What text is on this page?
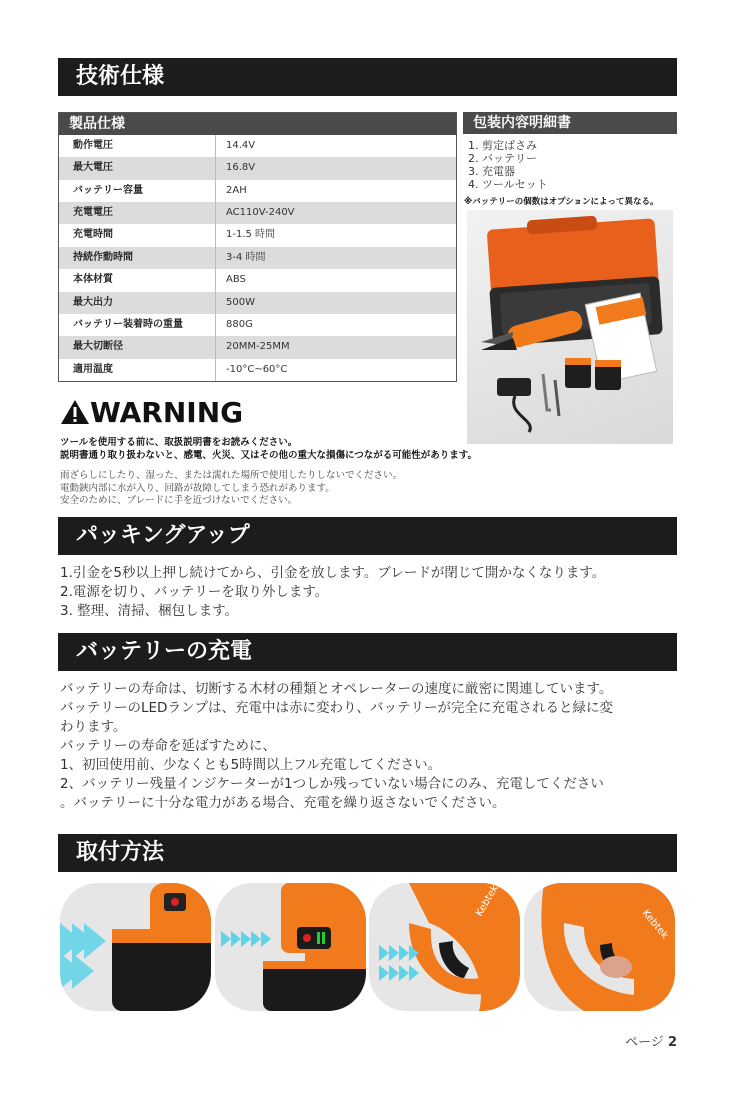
技術仕様
製品仕様
動作電圧	14.4V
最大電圧	16.8V
バッテリー容量	2AH
充電電圧	AC110V-240V
充電時間	1-1.5 時間
持続作動時間	3-4 時間
本体材質	ABS
最大出力	500W
バッテリー装着時の重量	880G
最大切断径	20MM-25MM
適用温度	-10°C~60°C
包装内容明細書
1. 剪定ばさみ
2. バッテリー
3. 充電器
4. ツールセット
※バッテリーの個数はオプションによって異なる。
WARNING
ツールを使用する前に、取扱説明書をお読みください。
説明書通り取り扱わないと、感電、火災、又はその他の重大な損傷につながる可能性があります。
雨ざらしにしたり、湿った、または濡れた場所で使用したりしないでください。
電動鋏内部に水が入り、回路が故障してしまう恐れがあります。
安全のために、ブレードに手を近づけないでください。
パッキングアップ
1.引金を5秒以上押し続けてから、引金を放します。ブレードが閉じて開かなくなります。
2.電源を切り、バッテリーを取り外します。
3. 整理、清掃、梱包します。
バッテリーの充電
バッテリーの寿命は、切断する木材の種類とオペレーターの速度に厳密に関連しています。
バッテリーのLEDランプは、充電中は赤に変わり、バッテリーが完全に充電されると緑に変
わります。
バッテリーの寿命を延ばすために、
1、初回使用前、少なくとも5時間以上フル充電してください。
2、バッテリー残量インジケーターが1つしか残っていない場合にのみ、充電してください
。バッテリーに十分な電力がある場合、充電を繰り返さないでください。
取付方法
Kebtek
Kebtek
ページ 2
